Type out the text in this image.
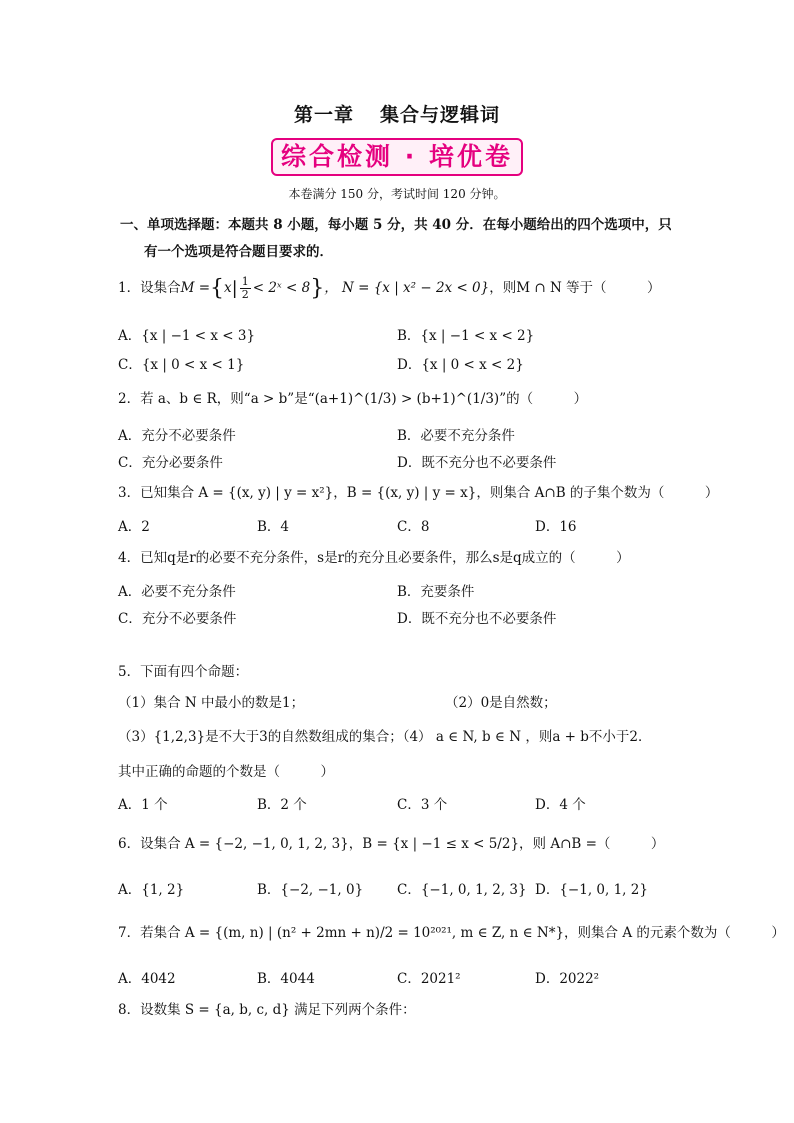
第一章 集合与逻辑词
综合检测 · 培优卷
本卷满分 150 分，考试时间 120 分钟。
一、单项选择题：本题共 8 小题，每小题 5 分，共 40 分．在每小题给出的四个选项中，只
有一个选项是符合题目要求的．
1．设集合$M =\{x| \frac{1}{2}$ < 2ˣ < 8}， N = {x | x² − 2x < 0}，则M ∩ N 等于（　　　）
A．{x | −1 < x < 3}	B．{x | −1 < x < 2}
C．{x | 0 < x < 1}	D．{x | 0 < x < 2}
2．若 a、b ∈ R，则“a > b”是“(a+1)^(1/3) > (b+1)^(1/3)”的（　　　）
A．充分不必要条件	B．必要不充分条件
C．充分必要条件	D．既不充分也不必要条件
3．已知集合 A = {(x, y) | y = x²}，B = {(x, y) | y = x}，则集合 A∩B 的子集个数为（　　　）
A．2	B．4	C．8	D．16
4．已知q是r的必要不充分条件，s是r的充分且必要条件，那么s是q成立的（　　　）
A．必要不充分条件	B．充要条件
C．充分不必要条件	D．既不充分也不必要条件
5．下面有四个命题：
（1）集合 N 中最小的数是1；	（2）0是自然数；
（3）{1,2,3}是不大于3的自然数组成的集合；（4） a ∈ N, b ∈ N ，则a + b不小于2．
其中正确的命题的个数是（　　　）
A．1 个	B．2 个	C．3 个	D．4 个
6．设集合 A = {−2, −1, 0, 1, 2, 3}，B = {x | −1 ≤ x < 5/2}，则 A∩B =（　　　）
A．{1, 2}	B．{−2, −1, 0}	C．{−1, 0, 1, 2, 3} D．{−1, 0, 1, 2}
7．若集合 A = {(m, n) | (n² + 2mn + n)/2 = 10²⁰²¹, m ∈ Z, n ∈ N*}，则集合 A 的元素个数为（　　　）
A．4042	B．4044	C．2021²	D．2022²
8．设数集 S = {a, b, c, d} 满足下列两个条件：
